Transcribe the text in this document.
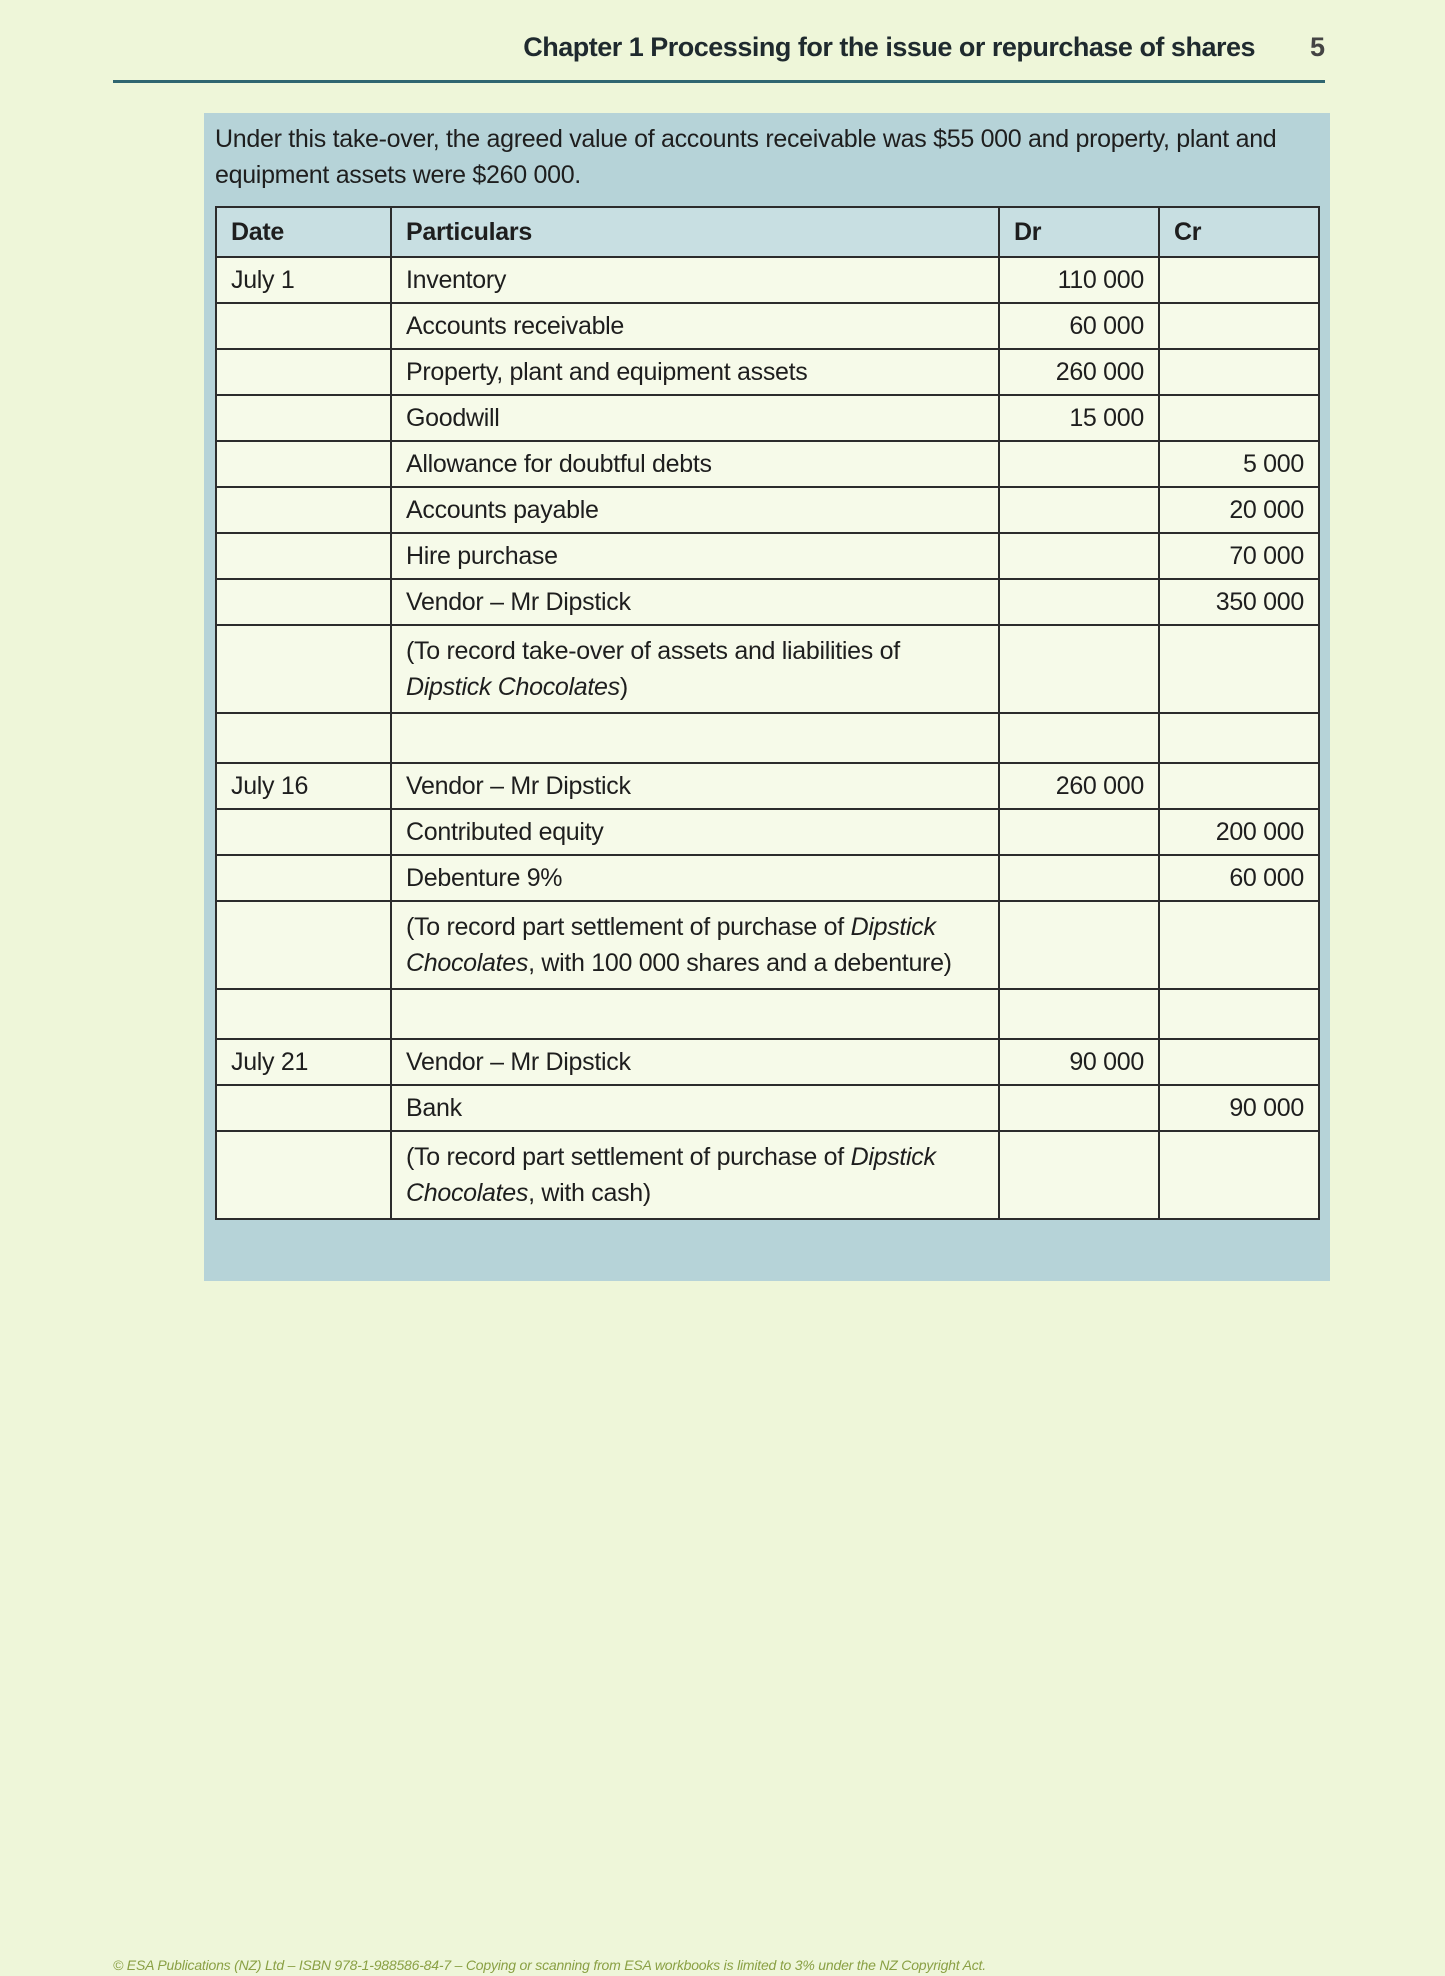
Chapter 1 Processing for the issue or repurchase of shares 5

Under this take-over, the agreed value of accounts receivable was $55 000 and property, plant and equipment assets were $260 000.

Date	Particulars	Dr	Cr
July 1	Inventory	110 000	
	Accounts receivable	60 000	
	Property, plant and equipment assets	260 000	
	Goodwill	15 000	
	Allowance for doubtful debts		5 000
	Accounts payable		20 000
	Hire purchase		70 000
	Vendor – Mr Dipstick		350 000
	(To record take-over of assets and liabilities of Dipstick Chocolates)		

July 16	Vendor – Mr Dipstick	260 000	
	Contributed equity		200 000
	Debenture 9%		60 000
	(To record part settlement of purchase of Dipstick Chocolates, with 100 000 shares and a debenture)		

July 21	Vendor – Mr Dipstick	90 000	
	Bank		90 000
	(To record part settlement of purchase of Dipstick Chocolates, with cash)		
© ESA Publications (NZ) Ltd – ISBN 978-1-988586-84-7 – Copying or scanning from ESA workbooks is limited to 3% under the NZ Copyright Act.
